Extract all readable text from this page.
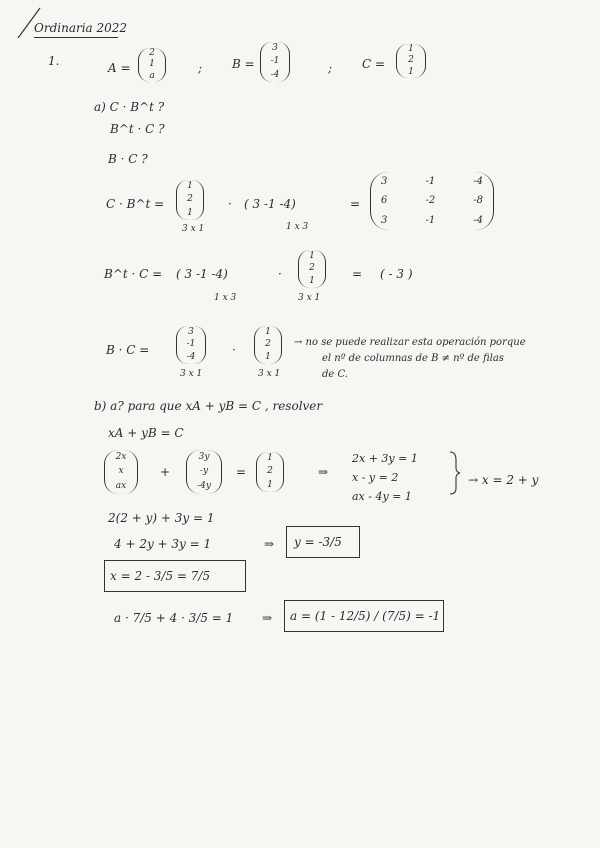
Ordinaria 2022
1.	A =
2
1
a
; B =
3
-1
-4	; C =
1
2
1
a) C · B^t ?
B^t · C ?
B · C ?
C · B^t =
1
2
1
· ( 3 -1 -4)	=
3	-1	-4
6	-2	-8
3	-1	-4
3 x 1	1 x 3
B^t · C = ( 3 -1 -4)	·
1
2
1
= ( - 3 )
1 x 3	3 x 1
B · C =
3
-1
-4
·
1
2
1
3 x 1	3 x 1
→ no se puede realizar esta operación porque
el nº de columnas de B ≠ nº de filas
de C.
b) a? para que xA + yB = C , resolver
xA + yB = C
2x
x
ax
+
3y
-y
-4y
=
1
2
1
⇒
2x + 3y = 1
x - y = 2
ax - 4y = 1
→ x = 2 + y
2(2 + y) + 3y = 1
4 + 2y + 3y = 1	⇒ y = -3/5
x = 2 - 3/5 = 7/5
a · 7/5 + 4 · 3/5 = 1 ⇒ a = (1 - 12/5) / (7/5) = -1
